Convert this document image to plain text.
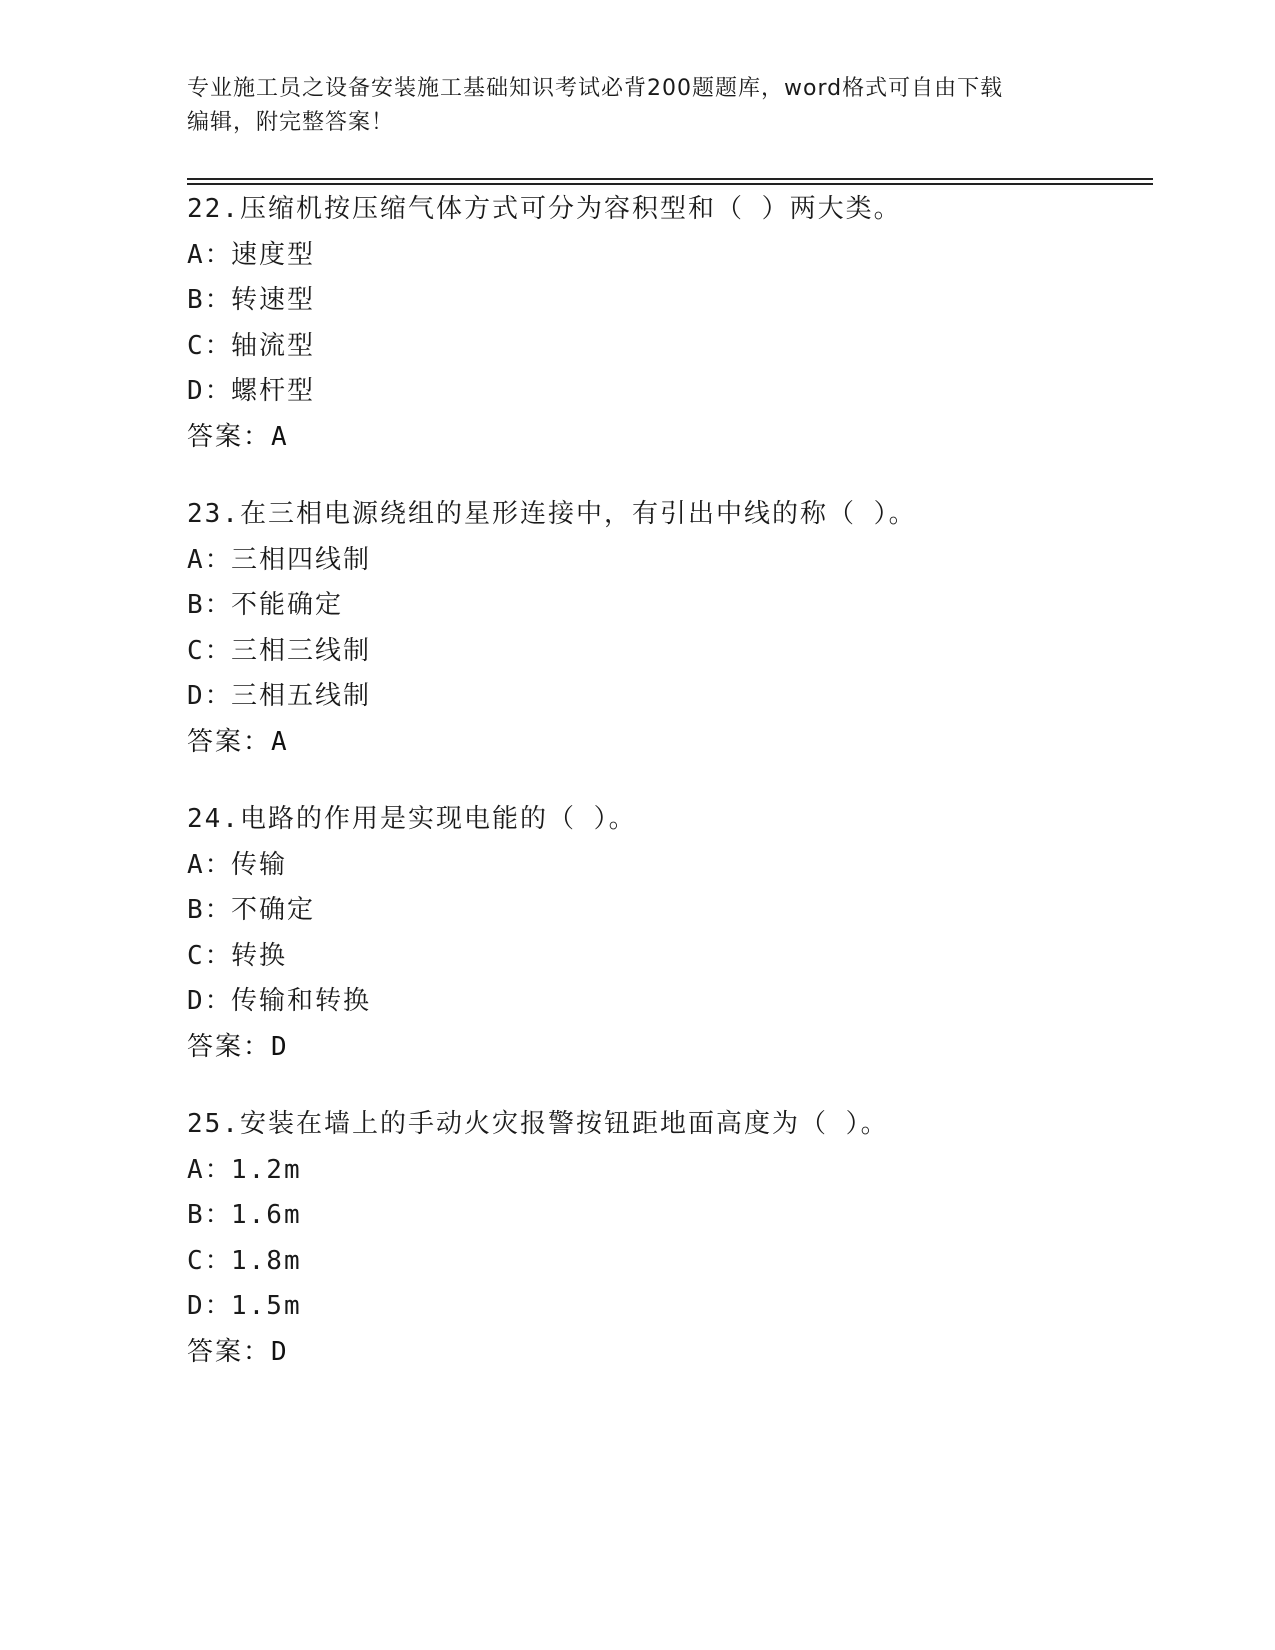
专业施工员之设备安装施工基础知识考试必背200题题库，word格式可自由下载
编辑，附完整答案！
22.压缩机按压缩气体方式可分为容积型和（ ）两大类。
A：速度型
B：转速型
C：轴流型
D：螺杆型
答案：A
23.在三相电源绕组的星形连接中，有引出中线的称（ ）。
A：三相四线制
B：不能确定
C：三相三线制
D：三相五线制
答案：A
24.电路的作用是实现电能的（ ）。
A：传输
B：不确定
C：转换
D：传输和转换
答案：D
25.安装在墙上的手动火灾报警按钮距地面高度为（ ）。
A：1.2m
B：1.6m
C：1.8m
D：1.5m
答案：D
